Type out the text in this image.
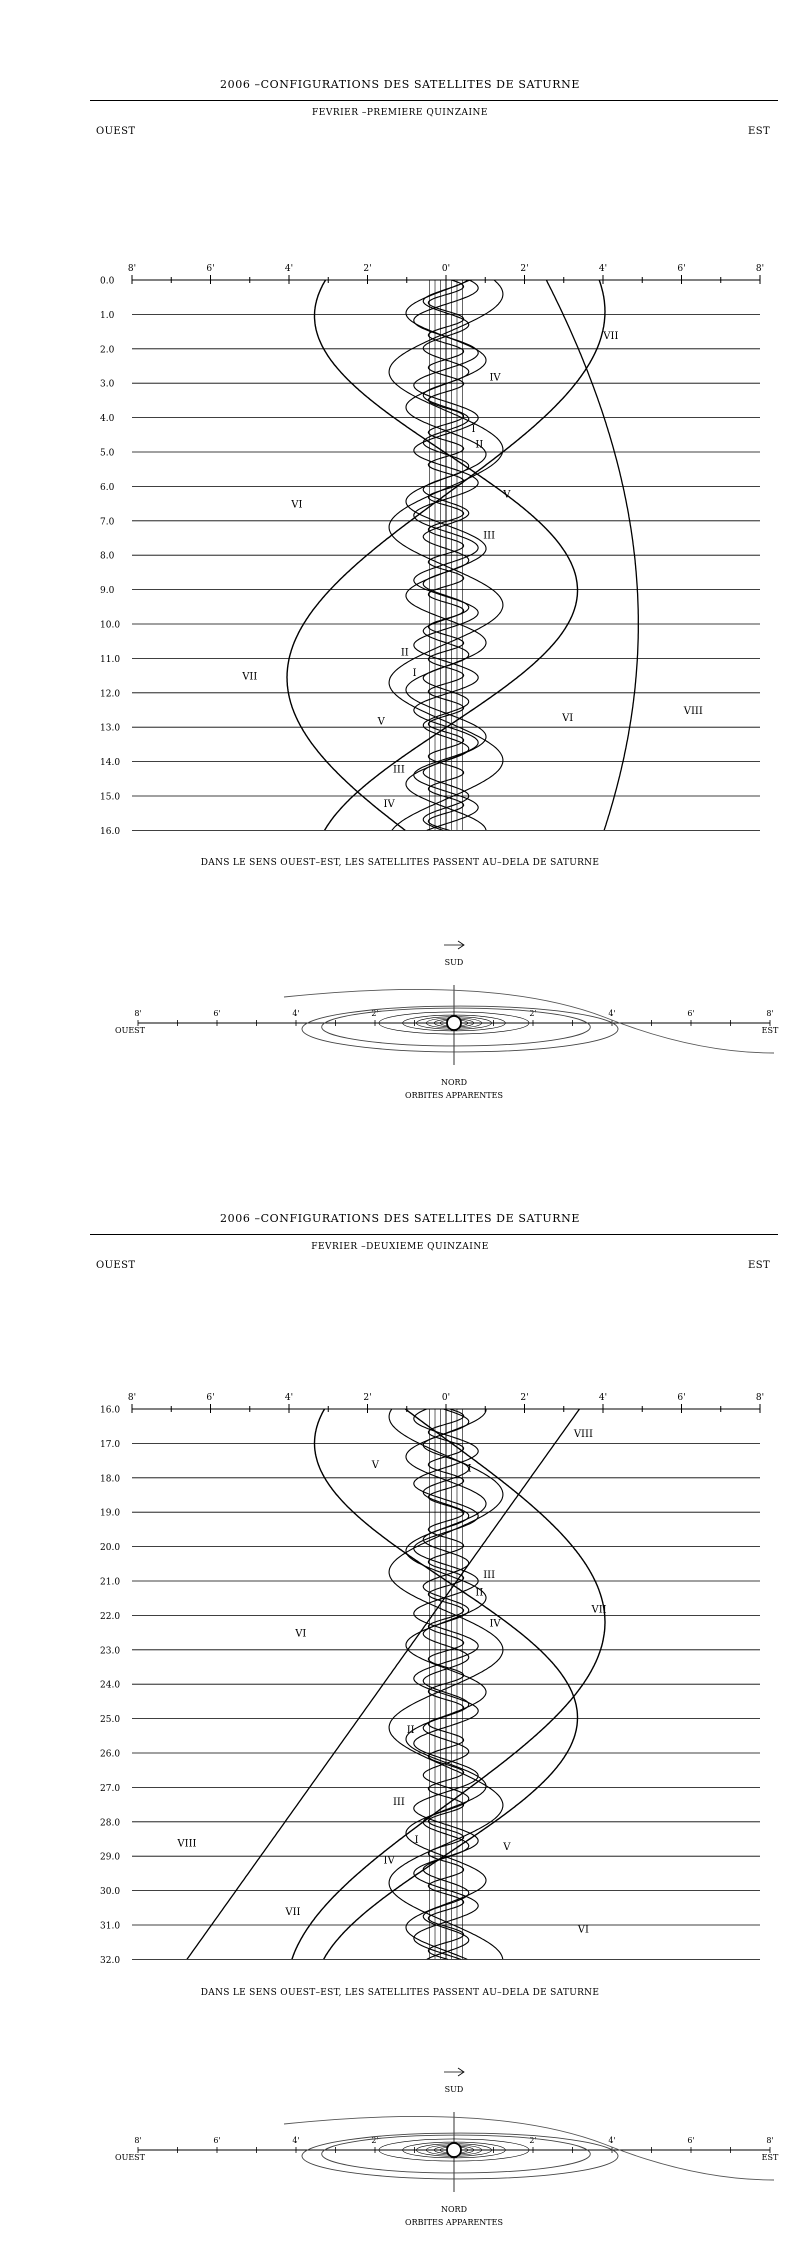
2006 –CONFIGURATIONS DES SATELLITES DE SATURNE
FEVRIER –PREMIERE QUINZAINE
OUEST	EST
8'	6'	4'	2'	0'	2'	4'	6'	8'
0.0
1.0
2.0
3.0
4.0
5.0
6.0
7.0
8.0
9.0
10.0
11.0
12.0
13.0
14.0
15.0
16.0
VII
IV
I
II
V
VI
III
II
I
VII
VI
VIII
V
III
IV
DANS LE SENS OUEST–EST, LES SATELLITES PASSENT AU–DELA DE SATURNE
8'	6'	4'	2'	2'	4'	6'	8'
SUD
OUEST	EST
NORD
ORBITES APPARENTES
2006 –CONFIGURATIONS DES SATELLITES DE SATURNE
FEVRIER –DEUXIEME QUINZAINE
OUEST	EST
8'	6'	4'	2'	0'	2'	4'	6'	8'
16.0
17.0
18.0
19.0
20.0
21.0
22.0
23.0
24.0
25.0
26.0
27.0
28.0
29.0
30.0
31.0
32.0
VIII
V	I
III
II
VII
IV
VI
II
III
I
V
IV
VIII
VII
VI
DANS LE SENS OUEST–EST, LES SATELLITES PASSENT AU–DELA DE SATURNE
8'	6'	4'	2'	2'	4'	6'	8'
SUD
OUEST	EST
NORD
ORBITES APPARENTES
